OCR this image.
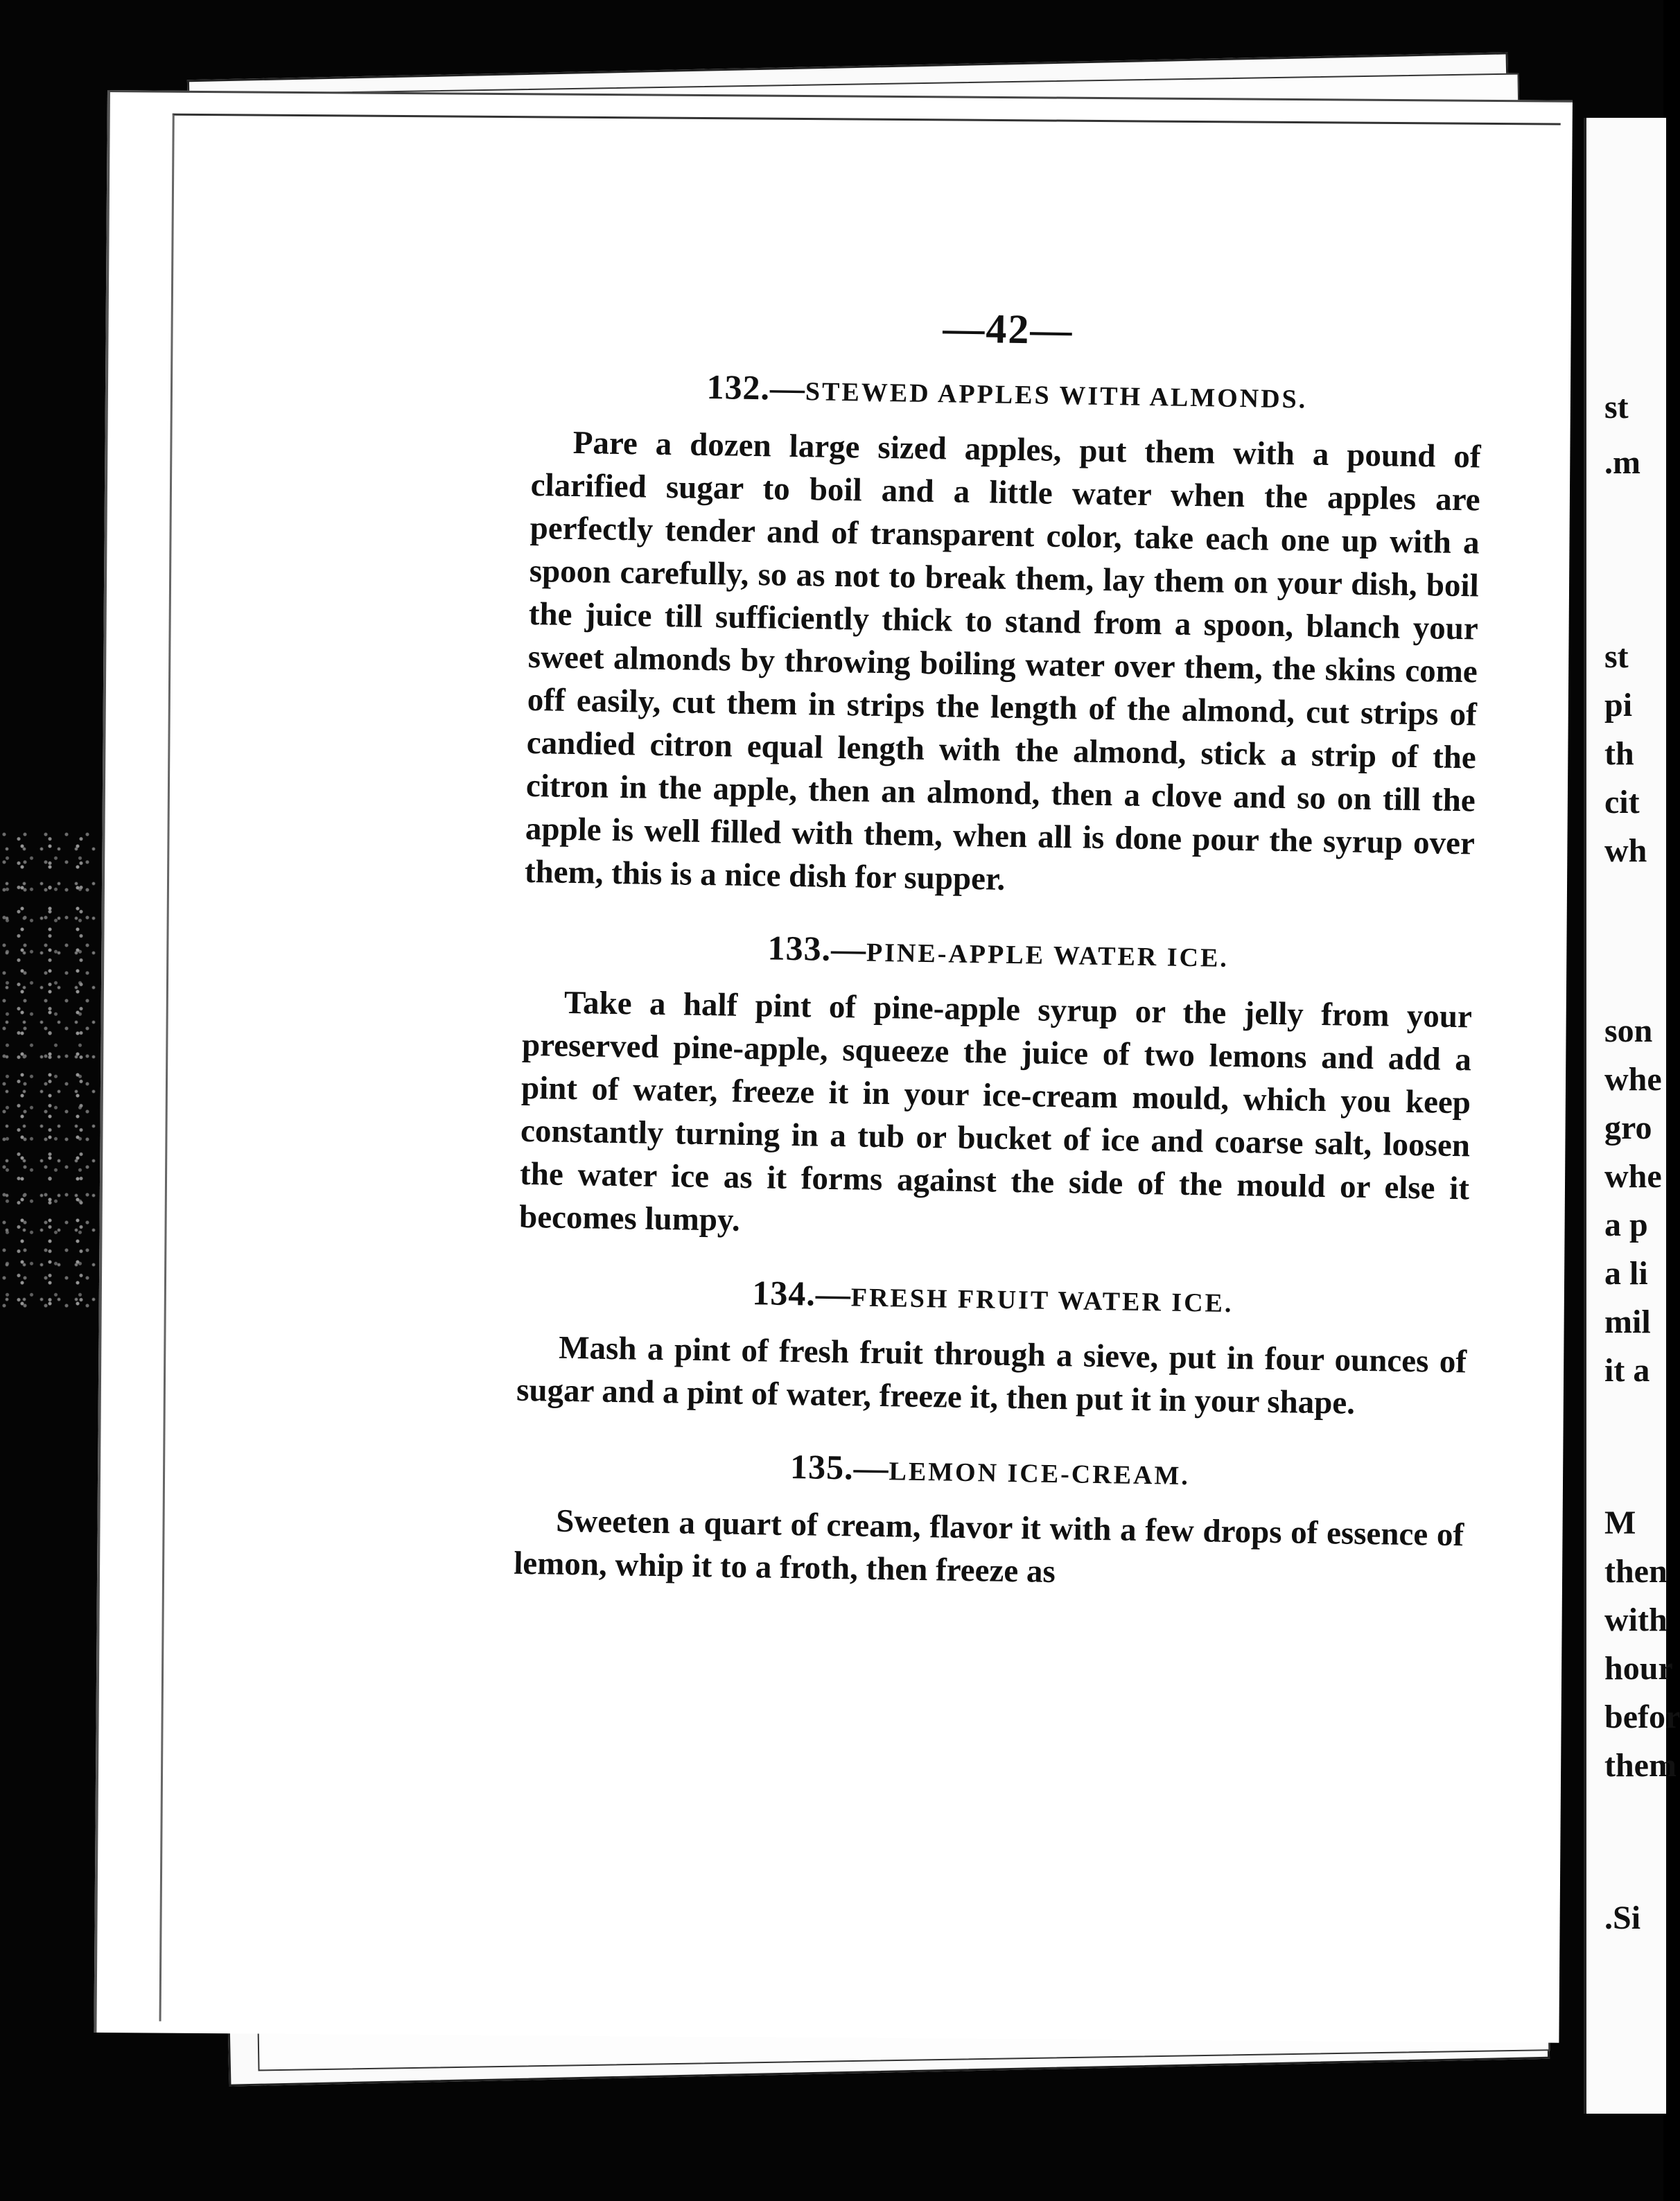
st
.m
st
pi
th
cit
wh
son
whe
gro
whe
a p
a li
mil
it a
M
then
with
hour
befor
them
.Si
—42—
132.—STEWED APPLES WITH ALMONDS.

Pare a dozen large sized apples, put them with a pound of clarified sugar to boil and a little water when the apples are perfectly tender and of transparent color, take each one up with a spoon carefully, so as not to break them, lay them on your dish, boil the juice till sufficiently thick to stand from a spoon, blanch your sweet almonds by throwing boiling water over them, the skins come off easily, cut them in strips the length of the almond, cut strips of candied citron equal length with the almond, stick a strip of the citron in the apple, then an almond, then a clove and so on till the apple is well filled with them, when all is done pour the syrup over them, this is a nice dish for supper.

133.—PINE-APPLE WATER ICE.

Take a half pint of pine-apple syrup or the jelly from your preserved pine-apple, squeeze the juice of two lemons and add a pint of water, freeze it in your ice-cream mould, which you keep constantly turning in a tub or bucket of ice and coarse salt, loosen the water ice as it forms against the side of the mould or else it becomes lumpy.

134.—FRESH FRUIT WATER ICE.

Mash a pint of fresh fruit through a sieve, put in four ounces of sugar and a pint of water, freeze it, then put it in your shape.

135.—LEMON ICE-CREAM.

Sweeten a quart of cream, flavor it with a few drops of essence of lemon, whip it to a froth, then freeze as
